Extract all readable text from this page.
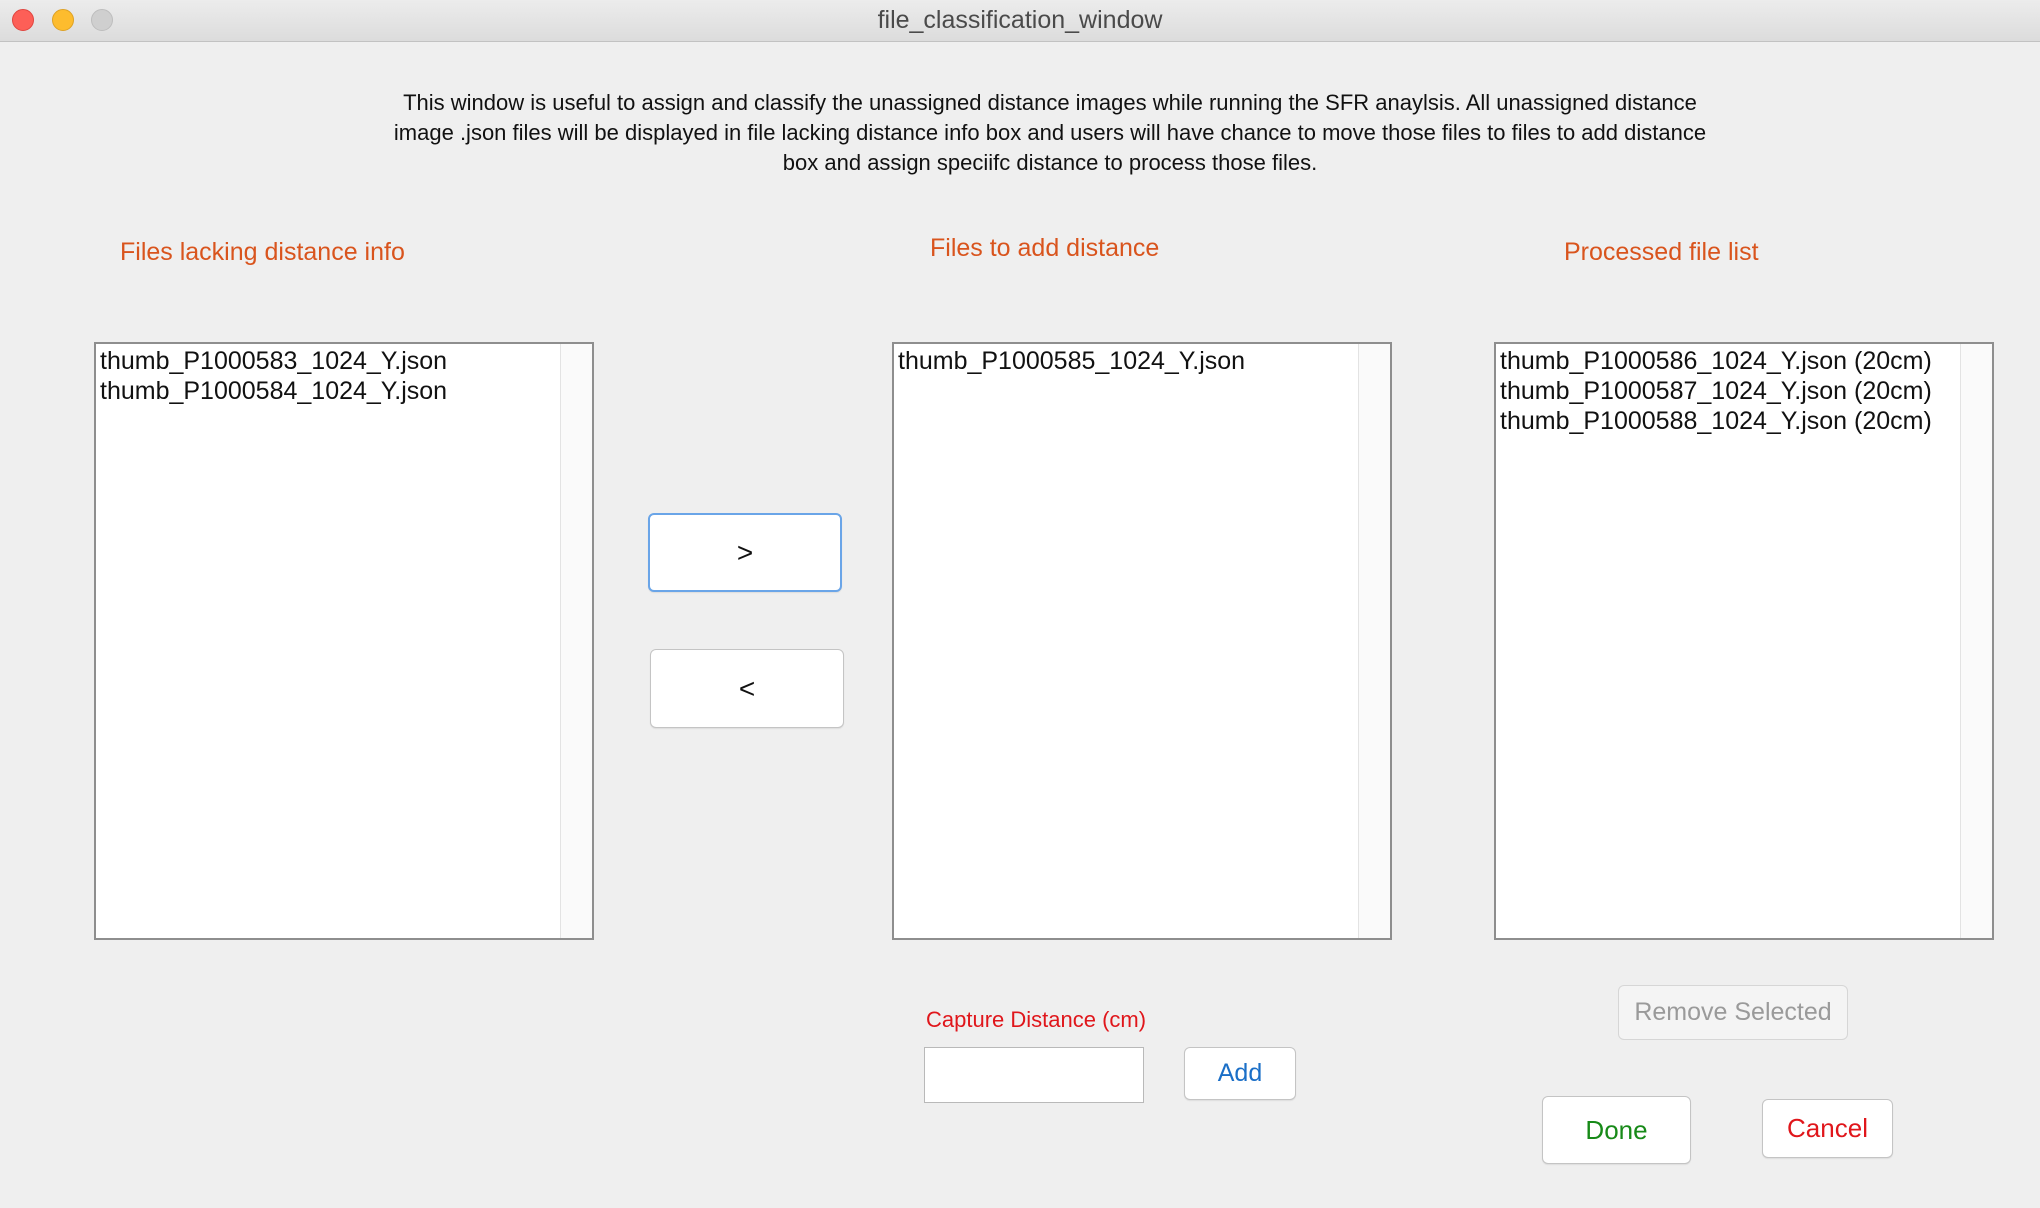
file_classification_window
This window is useful to assign and classify the unassigned distance images while running the SFR anaylsis. All unassigned distance image .json files will be displayed in file lacking distance info box and users will have chance to move those files to files to add distance box and assign speciifc distance to process those files.
Files lacking distance info	Files to add distance	Processed file list
thumb_P1000583_1024_Y.json
thumb_P1000584_1024_Y.json
thumb_P1000585_1024_Y.json	thumb_P1000586_1024_Y.json (20cm)
thumb_P1000587_1024_Y.json (20cm)
thumb_P1000588_1024_Y.json (20cm)
>
<
Capture Distance (cm)
Add
Remove Selected
Done	Cancel
